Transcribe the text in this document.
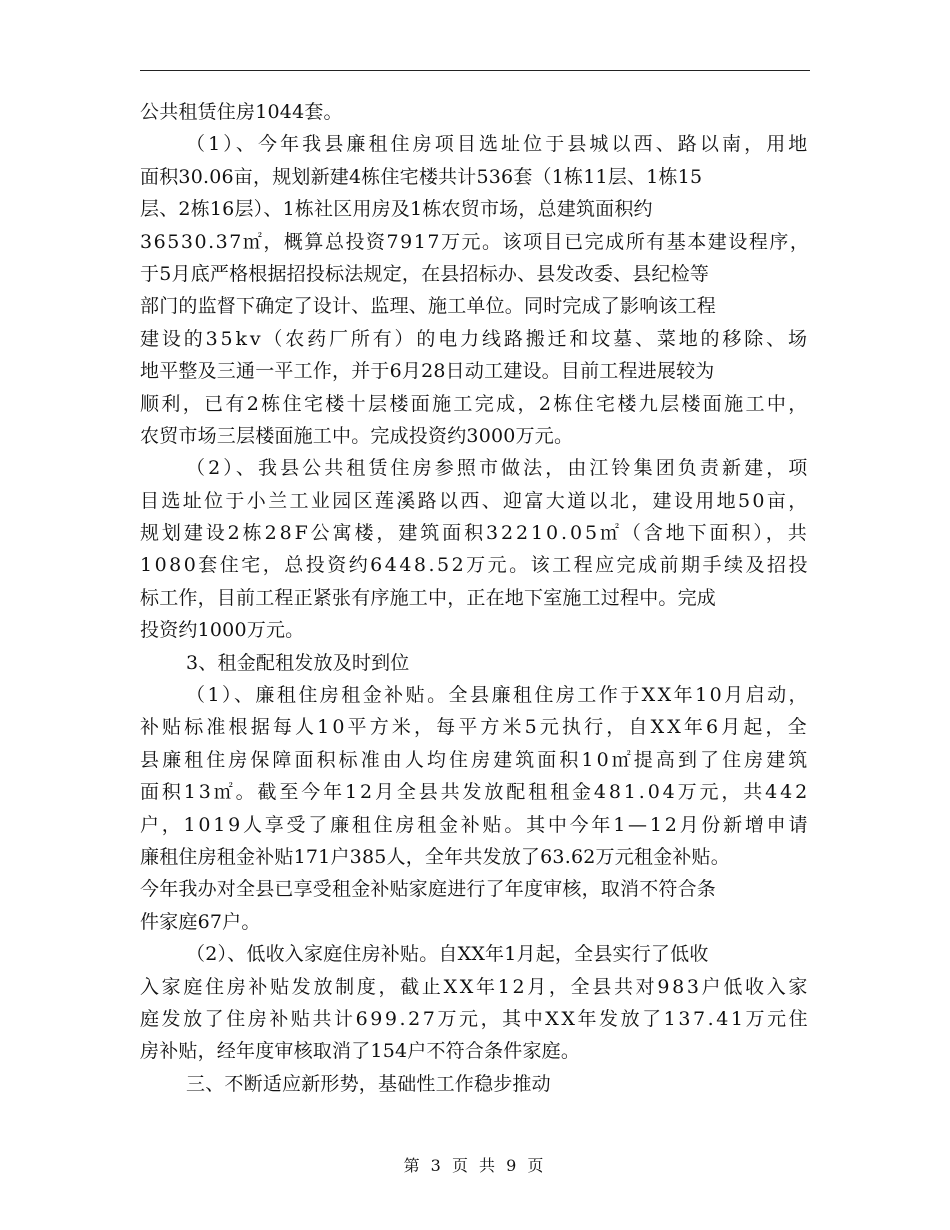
公共租赁住房1044套。
（1）、今年我县廉租住房项目选址位于县城以西、路以南，用地
面积30.06亩，规划新建4栋住宅楼共计536套（1栋11层、1栋15
层、2栋16层）、1栋社区用房及1栋农贸市场，总建筑面积约
36530.37㎡，概算总投资7917万元。该项目已完成所有基本建设程序，
于5月底严格根据招投标法规定，在县招标办、县发改委、县纪检等
部门的监督下确定了设计、监理、施工单位。同时完成了影响该工程
建设的35kv（农药厂所有）的电力线路搬迁和坟墓、菜地的移除、场
地平整及三通一平工作，并于6月28日动工建设。目前工程进展较为
顺利，已有2栋住宅楼十层楼面施工完成，2栋住宅楼九层楼面施工中，
农贸市场三层楼面施工中。完成投资约3000万元。
（2）、我县公共租赁住房参照市做法，由江铃集团负责新建，项
目选址位于小兰工业园区莲溪路以西、迎富大道以北，建设用地50亩，
规划建设2栋28F公寓楼，建筑面积32210.05㎡（含地下面积），共
1080套住宅，总投资约6448.52万元。该工程应完成前期手续及招投
标工作，目前工程正紧张有序施工中，正在地下室施工过程中。完成
投资约1000万元。
3、租金配租发放及时到位
（1）、廉租住房租金补贴。全县廉租住房工作于XX年10月启动，
补贴标准根据每人10平方米，每平方米5元执行，自XX年6月起，全
县廉租住房保障面积标准由人均住房建筑面积10㎡提高到了住房建筑
面积13㎡。截至今年12月全县共发放配租租金481.04万元，共442
户，1019人享受了廉租住房租金补贴。其中今年1—12月份新增申请
廉租住房租金补贴171户385人，全年共发放了63.62万元租金补贴。
今年我办对全县已享受租金补贴家庭进行了年度审核，取消不符合条
件家庭67户。
（2）、低收入家庭住房补贴。自XX年1月起，全县实行了低收
入家庭住房补贴发放制度，截止XX年12月，全县共对983户低收入家
庭发放了住房补贴共计699.27万元，其中XX年发放了137.41万元住
房补贴，经年度审核取消了154户不符合条件家庭。
三、不断适应新形势，基础性工作稳步推动
第 3 页 共 9 页
